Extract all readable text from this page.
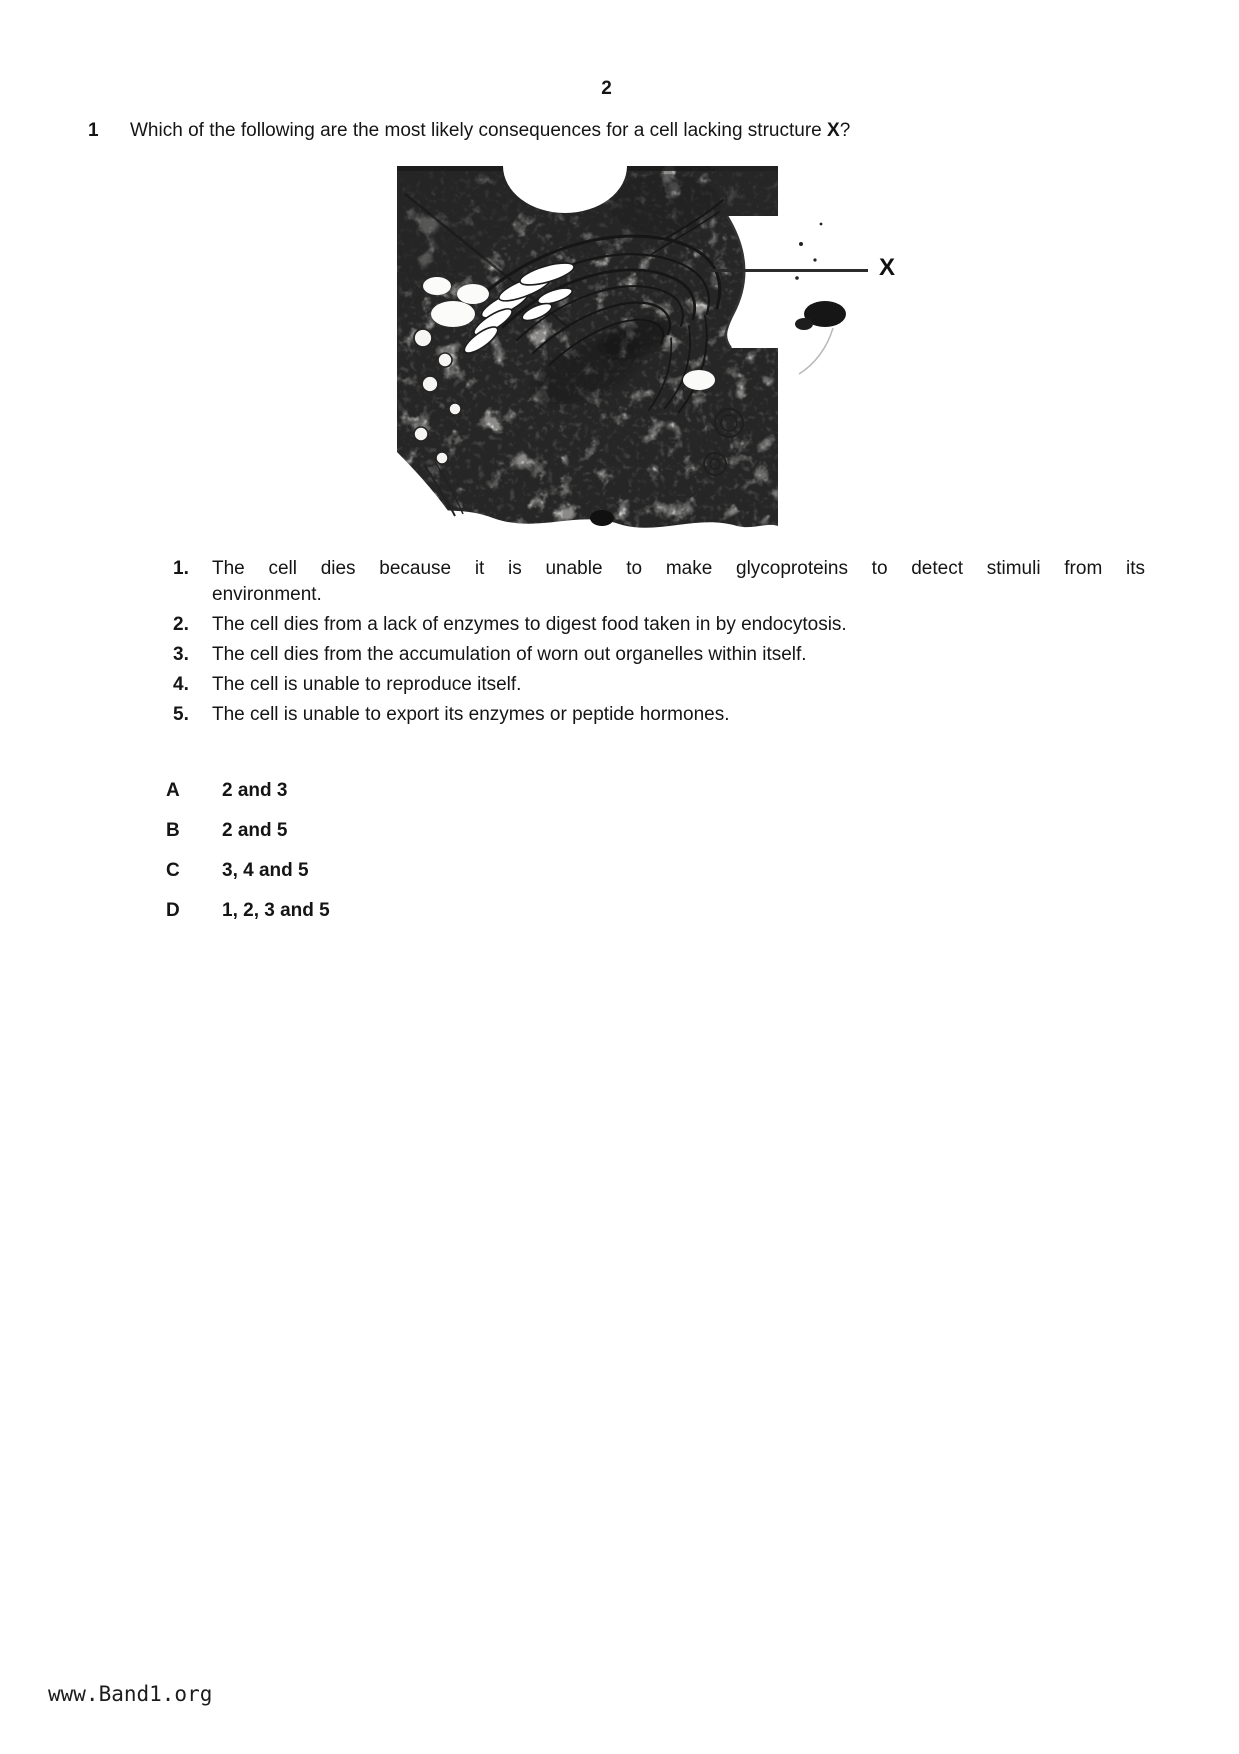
2
1 Which of the following are the most likely consequences for a cell lacking structure X?
X
1.	The cell dies because it is unable to make glycoproteins to detect stimuli from its
environment.
2.	The cell dies from a lack of enzymes to digest food taken in by endocytosis.
3.	The cell dies from the accumulation of worn out organelles within itself.
4.	The cell is unable to reproduce itself.
5.	The cell is unable to export its enzymes or peptide hormones.
A	2 and 3
B	2 and 5
C	3, 4 and 5
D	1, 2, 3 and 5
www.Band1.org
